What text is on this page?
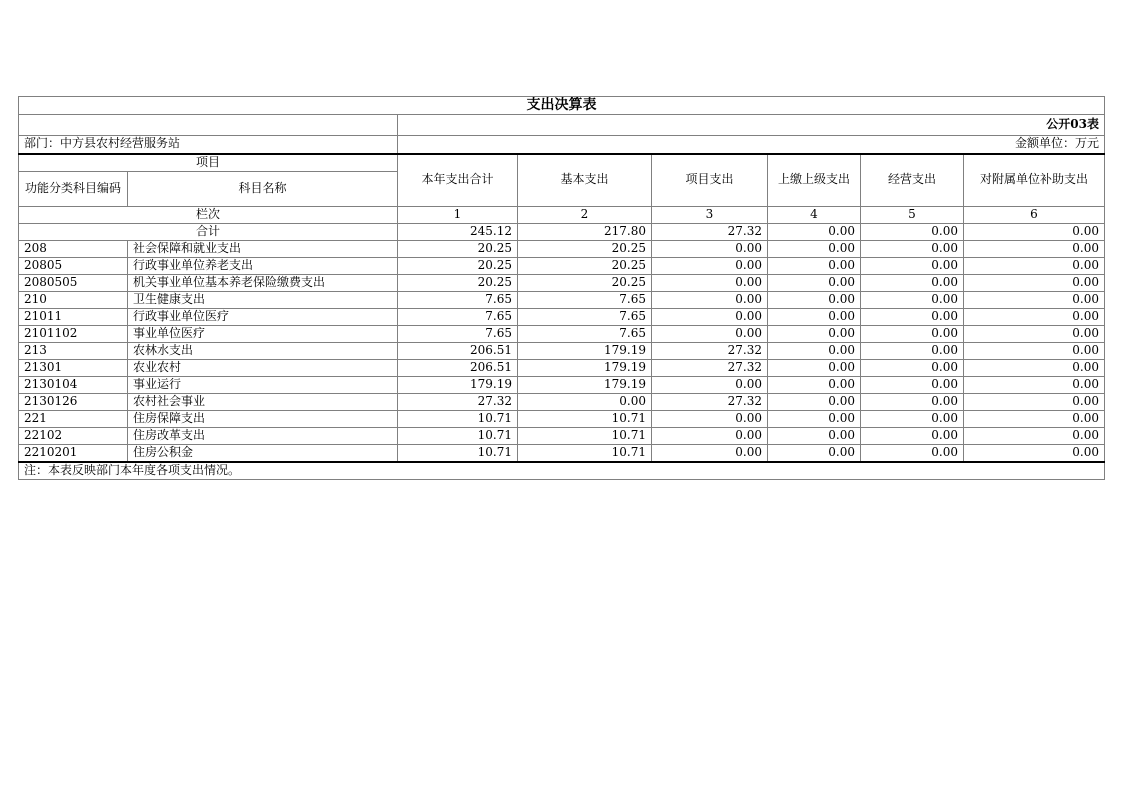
支出决算表							
		公开03表					
部门：中方县农村经营服务站		金额单位：万元					
项目		本年支出合计	基本支出	项目支出	上缴上级支出	经营支出	对附属单位补助支出
功能分类科目编码	科目名称						
栏次		1	2	3	4	5	6
合计		245.12	217.80	27.32	0.00	0.00	0.00
208	社会保障和就业支出	20.25	20.25	0.00	0.00	0.00	0.00
20805	行政事业单位养老支出	20.25	20.25	0.00	0.00	0.00	0.00
2080505	机关事业单位基本养老保险缴费支出	20.25	20.25	0.00	0.00	0.00	0.00
210	卫生健康支出	7.65	7.65	0.00	0.00	0.00	0.00
21011	行政事业单位医疗	7.65	7.65	0.00	0.00	0.00	0.00
2101102	事业单位医疗	7.65	7.65	0.00	0.00	0.00	0.00
213	农林水支出	206.51	179.19	27.32	0.00	0.00	0.00
21301	农业农村	206.51	179.19	27.32	0.00	0.00	0.00
2130104	事业运行	179.19	179.19	0.00	0.00	0.00	0.00
2130126	农村社会事业	27.32	0.00	27.32	0.00	0.00	0.00
221	住房保障支出	10.71	10.71	0.00	0.00	0.00	0.00
22102	住房改革支出	10.71	10.71	0.00	0.00	0.00	0.00
2210201	住房公积金	10.71	10.71	0.00	0.00	0.00	0.00
注：本表反映部门本年度各项支出情况。							
